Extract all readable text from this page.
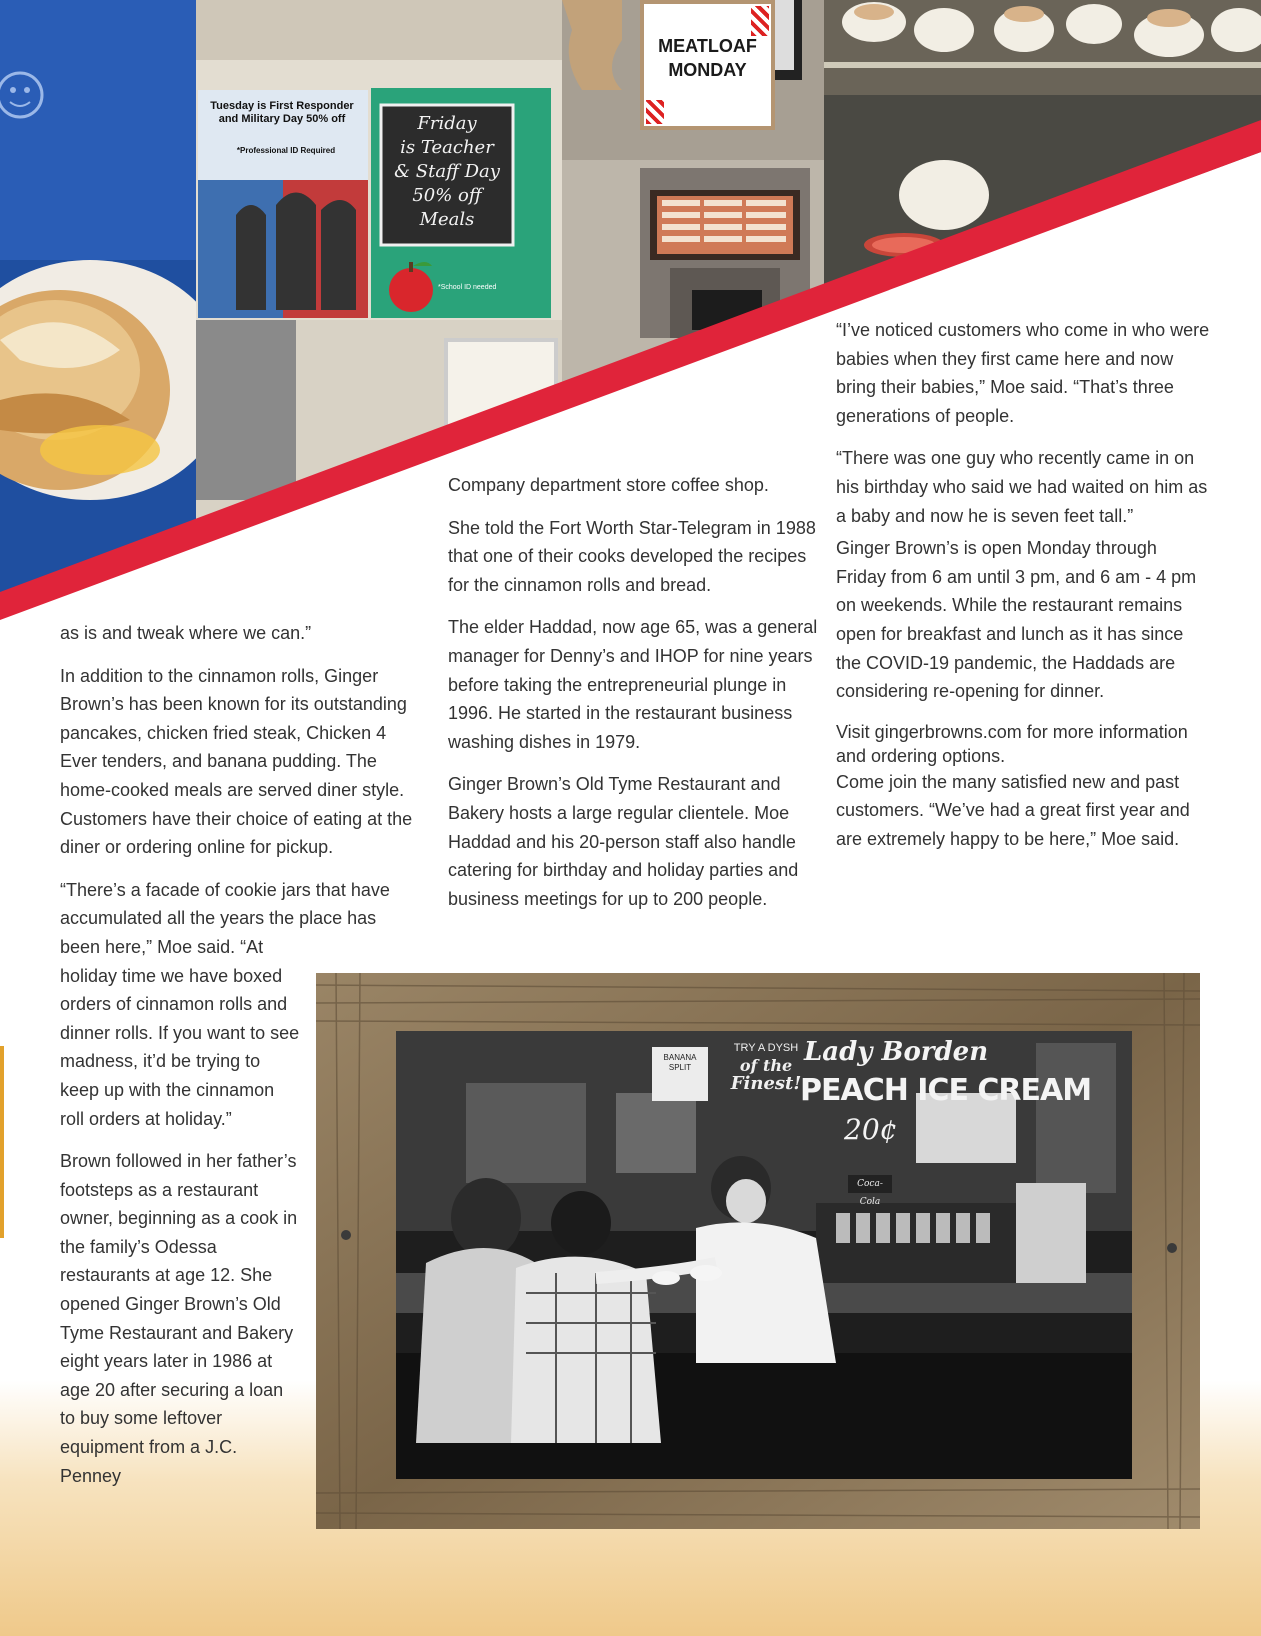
Tuesday is First Responder
and Military Day 50% off
*Professional ID Required
Friday
is Teacher
& Staff Day
50% off
Meals
*School ID needed
MEATLOAF
MONDAY

as is and tweak where we can.”

In addition to the cinnamon rolls, Ginger Brown’s has been known for its outstanding pancakes, chicken fried steak, Chicken 4 Ever tenders, and banana pudding. The home-cooked meals are served diner style. Customers have their choice of eating at the diner or ordering online for pickup.

“There’s a facade of cookie jars that have accumulated all the years the place has

been here,” Moe said. “At holiday time we have boxed orders of cinnamon rolls and dinner rolls. If you want to see madness, it’d be trying to keep up with the cinnamon roll orders at holiday.”

Brown followed in her father’s footsteps as a restaurant owner, beginning as a cook in the family’s Odessa restaurants at age 12. She opened Ginger Brown’s Old Tyme Restaurant and Bakery eight years later in 1986 at age 20 after securing a loan to buy some leftover equipment from a J.C. Penney

Company department store coffee shop.

She told the Fort Worth Star-Telegram in 1988 that one of their cooks developed the recipes for the cinnamon rolls and bread.

The elder Haddad, now age 65, was a general manager for Denny’s and IHOP for nine years before taking the entrepreneurial plunge in 1996. He started in the restaurant business washing dishes in 1979.

Ginger Brown’s Old Tyme Restaurant and Bakery hosts a large regular clientele. Moe Haddad and his 20-person staff also handle catering for birthday and holiday parties and business meetings for up to 200 people.

“I’ve noticed customers who come in who were babies when they first came here and now bring their babies,” Moe said. “That’s three generations of people.

“There was one guy who recently came in on his birthday who said we had waited on him as a baby and now he is seven feet tall.”

Ginger Brown’s is open Monday through Friday from 6 am until 3 pm, and 6 am - 4 pm on weekends. While the restaurant remains open for breakfast and lunch as it has since the COVID-19 pandemic, the Haddads are considering re-opening for dinner.

Visit gingerbrowns.com for more information and ordering options.

Come join the many satisfied new and past customers. “We’ve had a great first year and are extremely happy to be here,” Moe said.

Lady Borden
PEACH ICE CREAM
20¢
TRY A DYSH
of the
Finest!
BANANA SPLIT
Coca-Cola
